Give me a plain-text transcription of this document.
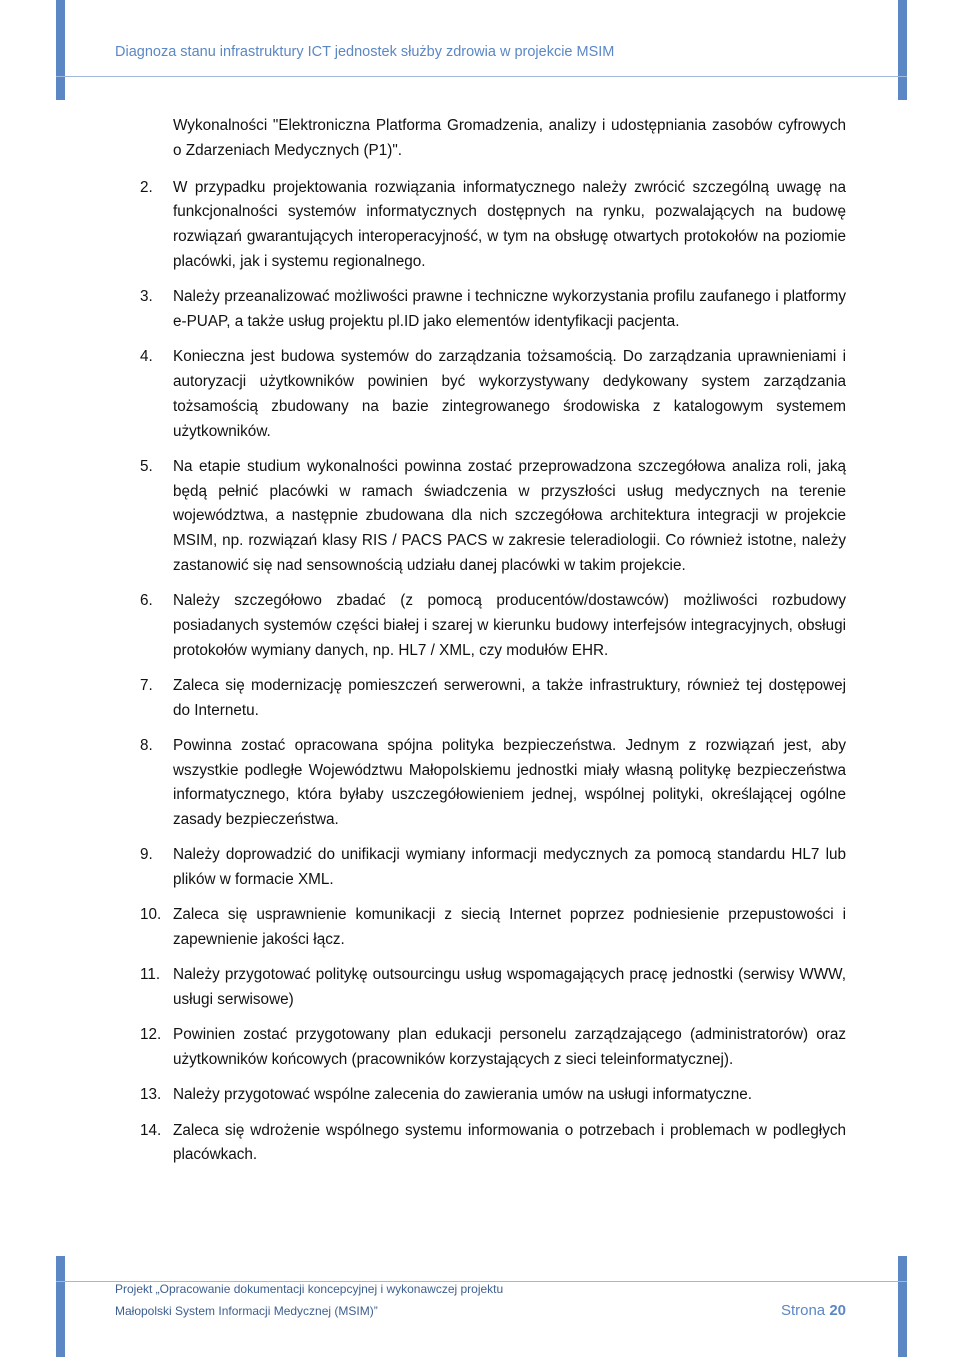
Diagnoza stanu infrastruktury ICT jednostek służby zdrowia w projekcie MSIM

Wykonalności "Elektroniczna Platforma Gromadzenia, analizy i udostępniania zasobów cyfrowych o Zdarzeniach Medycznych (P1)".

2. W przypadku projektowania rozwiązania informatycznego należy zwrócić szczególną uwagę na funkcjonalności systemów informatycznych dostępnych na rynku, pozwalających na budowę rozwiązań gwarantujących interoperacyjność, w tym na obsługę otwartych protokołów na poziomie placówki, jak i systemu regionalnego.

3. Należy przeanalizować możliwości prawne i techniczne wykorzystania profilu zaufanego i platformy e-PUAP, a także usług projektu pl.ID jako elementów identyfikacji pacjenta.

4. Konieczna jest budowa systemów do zarządzania tożsamością. Do zarządzania uprawnieniami i autoryzacji użytkowników powinien być wykorzystywany dedykowany system zarządzania tożsamością zbudowany na bazie zintegrowanego środowiska z katalogowym systemem użytkowników.

5. Na etapie studium wykonalności powinna zostać przeprowadzona szczegółowa analiza roli, jaką będą pełnić placówki w ramach świadczenia w przyszłości usług medycznych na terenie województwa, a następnie zbudowana dla nich szczegółowa architektura integracji w projekcie MSIM, np. rozwiązań klasy RIS / PACS PACS w zakresie teleradiologii. Co również istotne, należy zastanowić się nad sensownością udziału danej placówki w takim projekcie.

6. Należy szczegółowo zbadać (z pomocą producentów/dostawców) możliwości rozbudowy posiadanych systemów części białej i szarej w kierunku budowy interfejsów integracyjnych, obsługi protokołów wymiany danych, np. HL7 / XML, czy modułów EHR.

7. Zaleca się modernizację pomieszczeń serwerowni, a także infrastruktury, również tej dostępowej do Internetu.

8. Powinna zostać opracowana spójna polityka bezpieczeństwa. Jednym z rozwiązań jest, aby wszystkie podległe Województwu Małopolskiemu jednostki miały własną politykę bezpieczeństwa informatycznego, która byłaby uszczegółowieniem jednej, wspólnej polityki, określającej ogólne zasady bezpieczeństwa.

9. Należy doprowadzić do unifikacji wymiany informacji medycznych za pomocą standardu HL7 lub plików w formacie XML.

10. Zaleca się usprawnienie komunikacji z siecią Internet poprzez podniesienie przepustowości i zapewnienie jakości łącz.

11. Należy przygotować politykę outsourcingu usług wspomagających pracę jednostki (serwisy WWW, usługi serwisowe)

12. Powinien zostać przygotowany plan edukacji personelu zarządzającego (administratorów) oraz użytkowników końcowych (pracowników korzystających z sieci teleinformatycznej).

13. Należy przygotować wspólne zalecenia do zawierania umów na usługi informatyczne.

14. Zaleca się wdrożenie wspólnego systemu informowania o potrzebach i problemach w podległych placówkach.

Projekt „Opracowanie dokumentacji koncepcyjnej i wykonawczej projektu
Małopolski System Informacji Medycznej (MSIM)”	Strona 20
